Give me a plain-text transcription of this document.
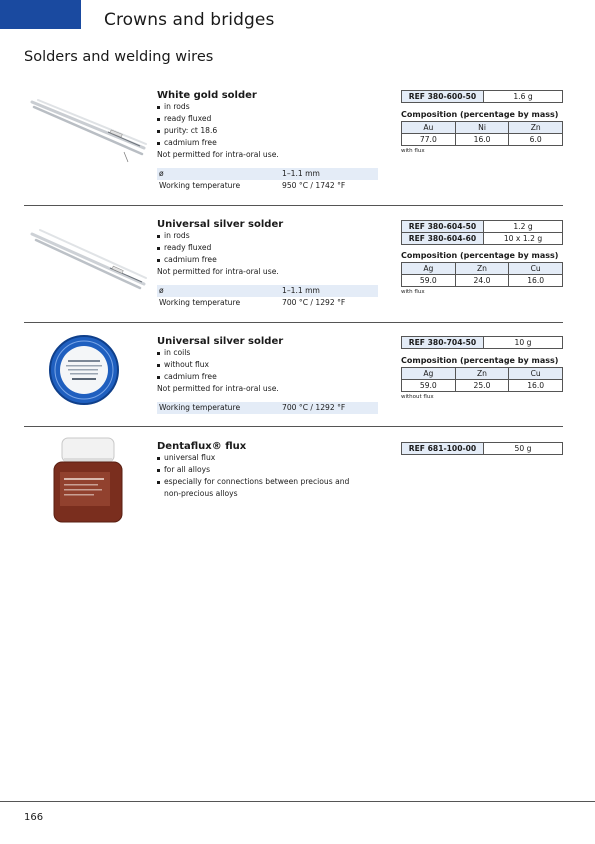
Crowns and bridges
Solders and welding wires
White gold solder
in rods
ready fluxed
purity: ct 18.6
cadmium free
Not permitted for intra-oral use.
ø	1–1.1 mm
Working temperature	950 °C / 1742 °F
REF 380-600-50	1.6 g
Composition (percentage by mass)
Au	Ni	Zn
77.0	16.0	6.0
with flux
Universal silver solder
in rods
ready fluxed
cadmium free
Not permitted for intra-oral use.
ø	1–1.1 mm
Working temperature	700 °C / 1292 °F
REF 380-604-50	1.2 g
REF 380-604-60	10 x 1.2 g
Composition (percentage by mass)
Ag	Zn	Cu
59.0	24.0	16.0
with flux
Universal silver solder
in coils
without flux
cadmium free
Not permitted for intra-oral use.
Working temperature	700 °C / 1292 °F
REF 380-704-50	10 g
Composition (percentage by mass)
Ag	Zn	Cu
59.0	25.0	16.0
without flux
Dentaflux® flux
universal flux
for all alloys
especially for connections between precious and
non-precious alloys
REF 681-100-00	50 g
166
